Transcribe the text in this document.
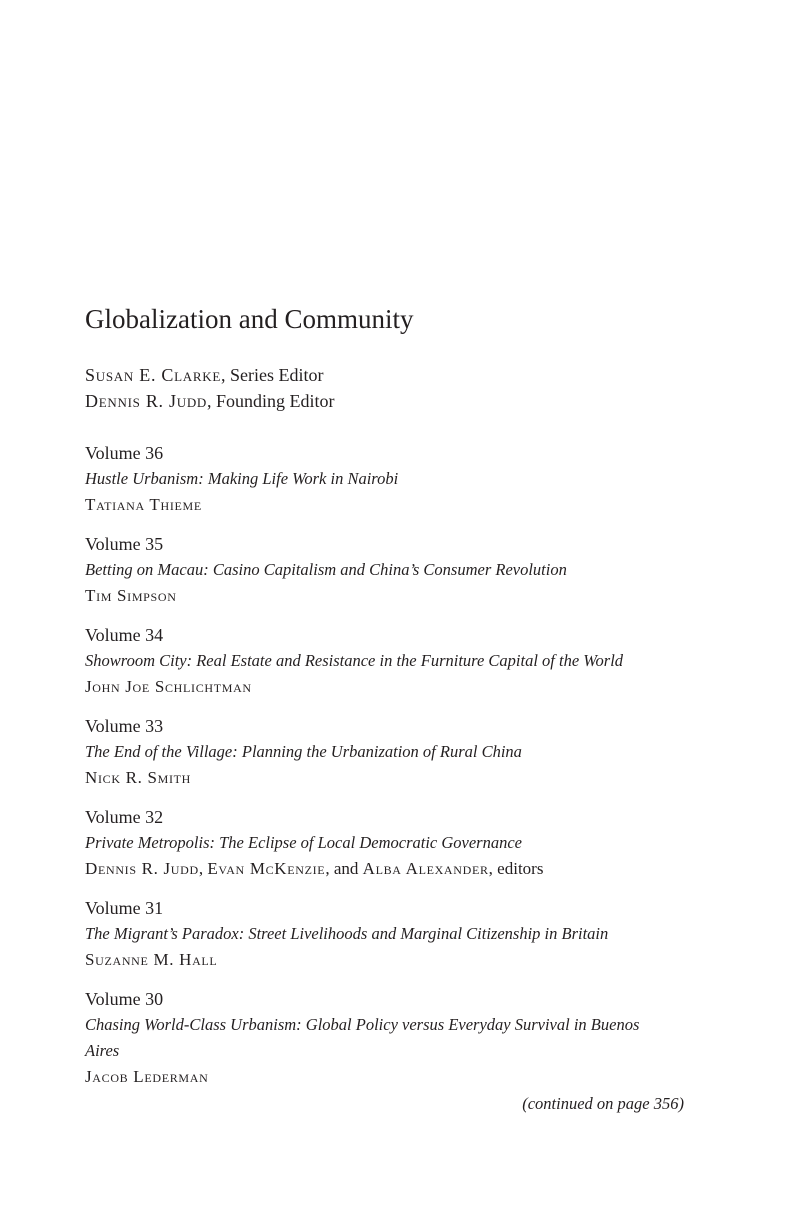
Globalization and Community
Susan E. Clarke, Series Editor
Dennis R. Judd, Founding Editor
Volume 36
Hustle Urbanism: Making Life Work in Nairobi
Tatiana Thieme
Volume 35
Betting on Macau: Casino Capitalism and China’s Consumer Revolution
Tim Simpson
Volume 34
Showroom City: Real Estate and Resistance in the Furniture Capital of the World
John Joe Schlichtman
Volume 33
The End of the Village: Planning the Urbanization of Rural China
Nick R. Smith
Volume 32
Private Metropolis: The Eclipse of Local Democratic Governance
Dennis R. Judd, Evan McKenzie, and Alba Alexander, editors
Volume 31
The Migrant’s Paradox: Street Livelihoods and Marginal Citizenship in Britain
Suzanne M. Hall
Volume 30
Chasing World-Class Urbanism: Global Policy versus Everyday Survival in Buenos Aires
Jacob Lederman
(continued on page 356)
